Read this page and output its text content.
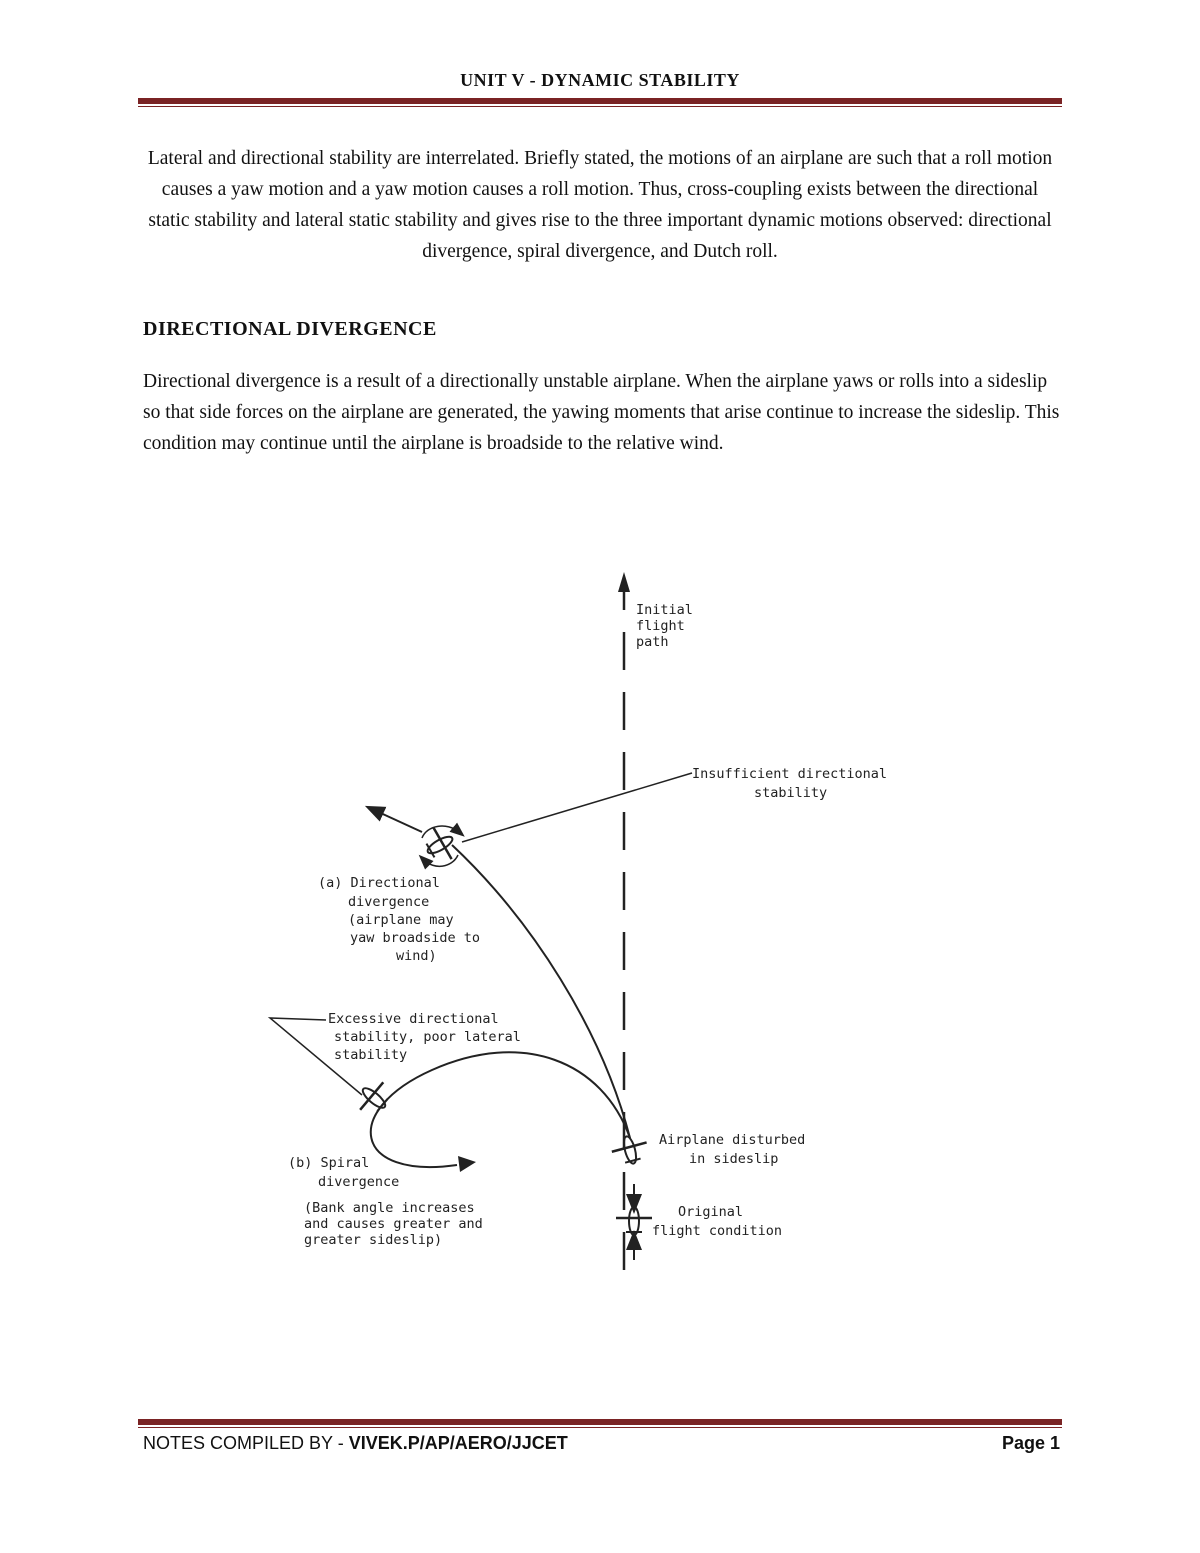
UNIT V - DYNAMIC STABILITY
Lateral and directional stability are interrelated. Briefly stated, the motions of an airplane are such that a roll motion causes a yaw motion and a yaw motion causes a roll motion. Thus, cross-coupling exists between the directional static stability and lateral static stability and gives rise to the three important dynamic motions observed: directional divergence, spiral divergence, and Dutch roll.
DIRECTIONAL DIVERGENCE
Directional divergence is a result of a directionally unstable airplane. When the airplane yaws or rolls into a sideslip so that side forces on the airplane are generated, the yawing moments that arise continue to increase the sideslip. This condition may continue until the airplane is broadside to the relative wind.
Initial flight path
Insufficient directional stability
(a) Directional divergence (airplane may yaw broadside to wind)
Excessive directional stability, poor lateral stability
Airplane disturbed in sideslip
(b) Spiral divergence
(Bank angle increases and causes greater and greater sideslip)
Original flight condition
NOTES COMPILED BY - VIVEK.P/AP/AERO/JJCET	Page 1
